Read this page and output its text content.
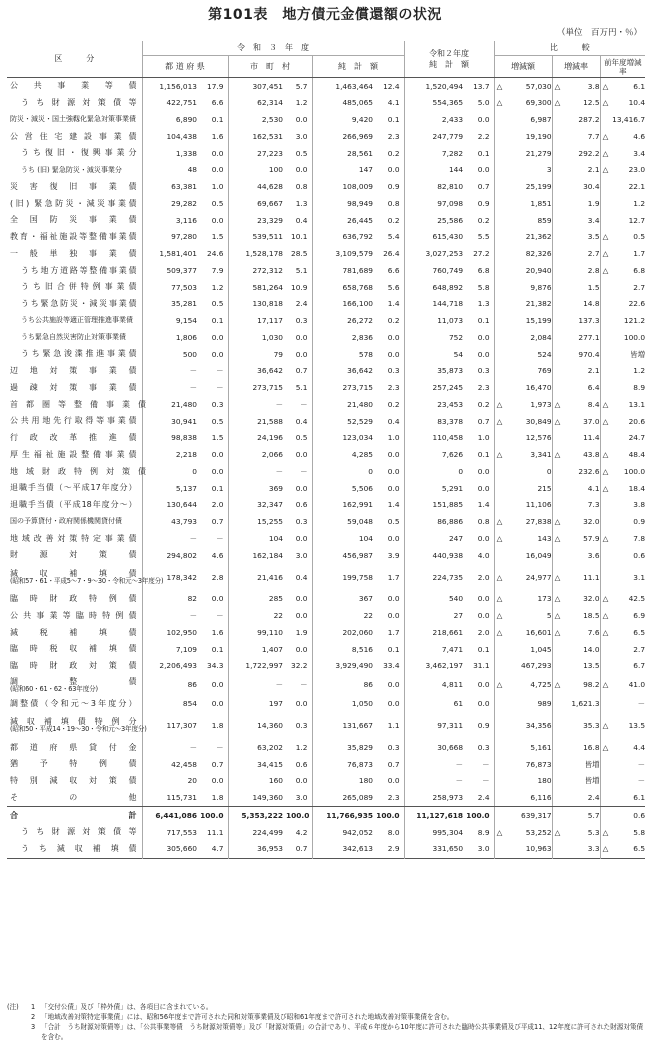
第101表　地方債元金償還額の状況
（単位　百万円・％）
区　　　分	令　和　３　年　度						令和２年度
純　計　額		比　　　較		
	都 道 府 県		市　町　村		純　計　額				増減額	増減率	前年度増減率
公　共　事　業　等　債	1,156,013	17.9	307,451	5.7	1,463,464	12.4	1,520,494	13.7	△ 57,030	△ 3.8	△ 6.1

う ち 財 源 対 策 債 等	422,751	6.6	62,314	1.2	485,065	4.1	554,365	5.0	△ 69,300	△ 12.5	△ 10.4

防災・減災・国土強靱化緊急対策事業債	6,890	0.1	2,530	0.0	9,420	0.1	2,433	0.0	6,987	287.2	13,416.7

公 営 住 宅 建 設 事 業 債	104,438	1.6	162,531	3.0	266,969	2.3	247,779	2.2	19,190	7.7	△ 4.6

う ち 復 旧 ・ 復 興 事 業 分	1,338	0.0	27,223	0.5	28,561	0.2	7,282	0.1	21,279	292.2	△ 3.4

うち (旧) 緊急防災・減災事業分	48	0.0	100	0.0	147	0.0	144	0.0	3	2.1	△ 23.0

災　害　復　旧　事　業　債	63,381	1.0	44,628	0.8	108,009	0.9	82,810	0.7	25,199	30.4	22.1

(旧) 緊急防災・減災事業債	29,282	0.5	69,667	1.3	98,949	0.8	97,098	0.9	1,851	1.9	1.2

全　国　防　災　事　業　債	3,116	0.0	23,329	0.4	26,445	0.2	25,586	0.2	859	3.4	12.7

教育・福祉施設等整備事業債	97,280	1.5	539,511	10.1	636,792	5.4	615,430	5.5	21,362	3.5	△ 0.5

一　般　単　独　事　業　債	1,581,401	24.6	1,528,178	28.5	3,109,579	26.4	3,027,253	27.2	82,326	2.7	△ 1.7

うち地方道路等整備事業債	509,377	7.9	272,312	5.1	781,689	6.6	760,749	6.8	20,940	2.8	△ 6.8

う ち 旧 合 併 特 例 事 業 債	77,503	1.2	581,264	10.9	658,768	5.6	648,892	5.8	9,876	1.5	2.7

うち緊急防災・減災事業債	35,281	0.5	130,818	2.4	166,100	1.4	144,718	1.3	21,382	14.8	22.6

うち公共施設等適正管理推進事業債	9,154	0.1	17,117	0.3	26,272	0.2	11,073	0.1	15,199	137.3	121.2

うち緊急自然災害防止対策事業債	1,806	0.0	1,030	0.0	2,836	0.0	752	0.0	2,084	277.1	100.0

う ち 緊 急 浚 渫 推 進 事 業 債	500	0.0	79	0.0	578	0.0	54	0.0	524	970.4	皆増

辺　地　対　策　事　業　債	－	－	36,642	0.7	36,642	0.3	35,873	0.3	769	2.1	1.2

過　疎　対　策　事　業　債	－	－	273,715	5.1	273,715	2.3	257,245	2.3	16,470	6.4	8.9

首　都　圏　等　整　備　事　業　債	21,480	0.3	－	－	21,480	0.2	23,453	0.2	△ 1,973	△ 8.4	△ 13.1

公 共 用 地 先 行 取 得 等 事 業 債	30,941	0.5	21,588	0.4	52,529	0.4	83,378	0.7	△ 30,849	△ 37.0	△ 20.6

行　政　改　革　推　進　債	98,838	1.5	24,196	0.5	123,034	1.0	110,458	1.0	12,576	11.4	24.7

厚 生 福 祉 施 設 整 備 事 業 債	2,218	0.0	2,066	0.0	4,285	0.0	7,626	0.1	△ 3,341	△ 43.8	△ 48.4

地　域　財　政　特　例　対　策　債	0	0.0	－	－	0	0.0	0	0.0	0	232.6	△ 100.0

退職手当債（～平成17年度分）	5,137	0.1	369	0.0	5,506	0.0	5,291	0.0	215	4.1	△ 18.4

退職手当債（平成18年度分～）	130,644	2.0	32,347	0.6	162,991	1.4	151,885	1.4	11,106	7.3	3.8

国の予算貸付・政府関係機関貸付債	43,793	0.7	15,255	0.3	59,048	0.5	86,886	0.8	△ 27,838	△ 32.0	0.9

地 域 改 善 対 策 特 定 事 業 債	－	－	104	0.0	104	0.0	247	0.0	△ 143	△ 57.9	△ 7.8

財　源　対　策　債	294,802	4.6	162,184	3.0	456,987	3.9	440,938	4.0	16,049	3.6	0.6

減　収　補　填　債
(昭和57・61・平成5～7・9～30・令和元～3年度分)	178,342	2.8	21,416	0.4	199,758	1.7	224,735	2.0	△ 24,977	△ 11.1	3.1

臨　時　財　政　特　例　債	82	0.0	285	0.0	367	0.0	540	0.0	△ 173	△ 32.0	△ 42.5

公 共 事 業 等 臨 時 特 例 債	－	－	22	0.0	22	0.0	27	0.0	△ 5	△ 18.5	△ 6.9

減　税　補　填　債	102,950	1.6	99,110	1.9	202,060	1.7	218,661	2.0	△ 16,601	△ 7.6	△ 6.5

臨　時　税　収　補　填　債	7,109	0.1	1,407	0.0	8,516	0.1	7,471	0.1	1,045	14.0	2.7

臨　時　財　政　対　策　債	2,206,493	34.3	1,722,997	32.2	3,929,490	33.4	3,462,197	31.1	467,293	13.5	6.7

調　　整　　債
(昭和60・61・62・63年度分)	86	0.0	－	－	86	0.0	4,811	0.0	△ 4,725	△ 98.2	△ 41.0

調整債（令和元～3年度分）	854	0.0	197	0.0	1,050	0.0	61	0.0	989	1,621.3	－

減 収 補 填 債 特 例 分
(昭和50・平成14・19～30・令和元～3年度分)	117,307	1.8	14,360	0.3	131,667	1.1	97,311	0.9	34,356	35.3	△ 13.5

都　道　府　県　貸　付　金	－	－	63,202	1.2	35,829	0.3	30,668	0.3	5,161	16.8	△ 4.4

猶　予　特　例　債	42,458	0.7	34,415	0.6	76,873	0.7	－	－	76,873	皆増	－

特　別　減　収　対　策　債	20	0.0	160	0.0	180	0.0	－	－	180	皆増	－

そ　　　の　　　他	115,731	1.8	149,360	3.0	265,089	2.3	258,973	2.4	6,116	2.4	6.1

合　　　　　　計	6,441,086	100.0	5,353,222	100.0	11,766,935	100.0	11,127,618	100.0	639,317	5.7	0.6

う ち 財 源 対 策 債 等	717,553	11.1	224,499	4.2	942,052	8.0	995,304	8.9	△ 53,252	△ 5.3	△ 5.8

う ち 減 収 補 填 債	305,660	4.7	36,953	0.7	342,613	2.9	331,650	3.0	10,963	3.3	△ 6.5
(注)	1 「交付公債」及び「枠外債」は、各項目に含まれている。
2 「地域改善対策特定事業債」には、昭和56年度まで許可された同和対策事業債及び昭和61年度まで許可された地域改善対策事業債を含む。
3 「合計　うち財源対策債等」は、「公共事業等債　うち財源対策債等」及び「財源対策債」の合計であり、平成６年度から10年度に許可された臨時公共事業債及び平成11、12年度に許可された財源対策債を含む。
